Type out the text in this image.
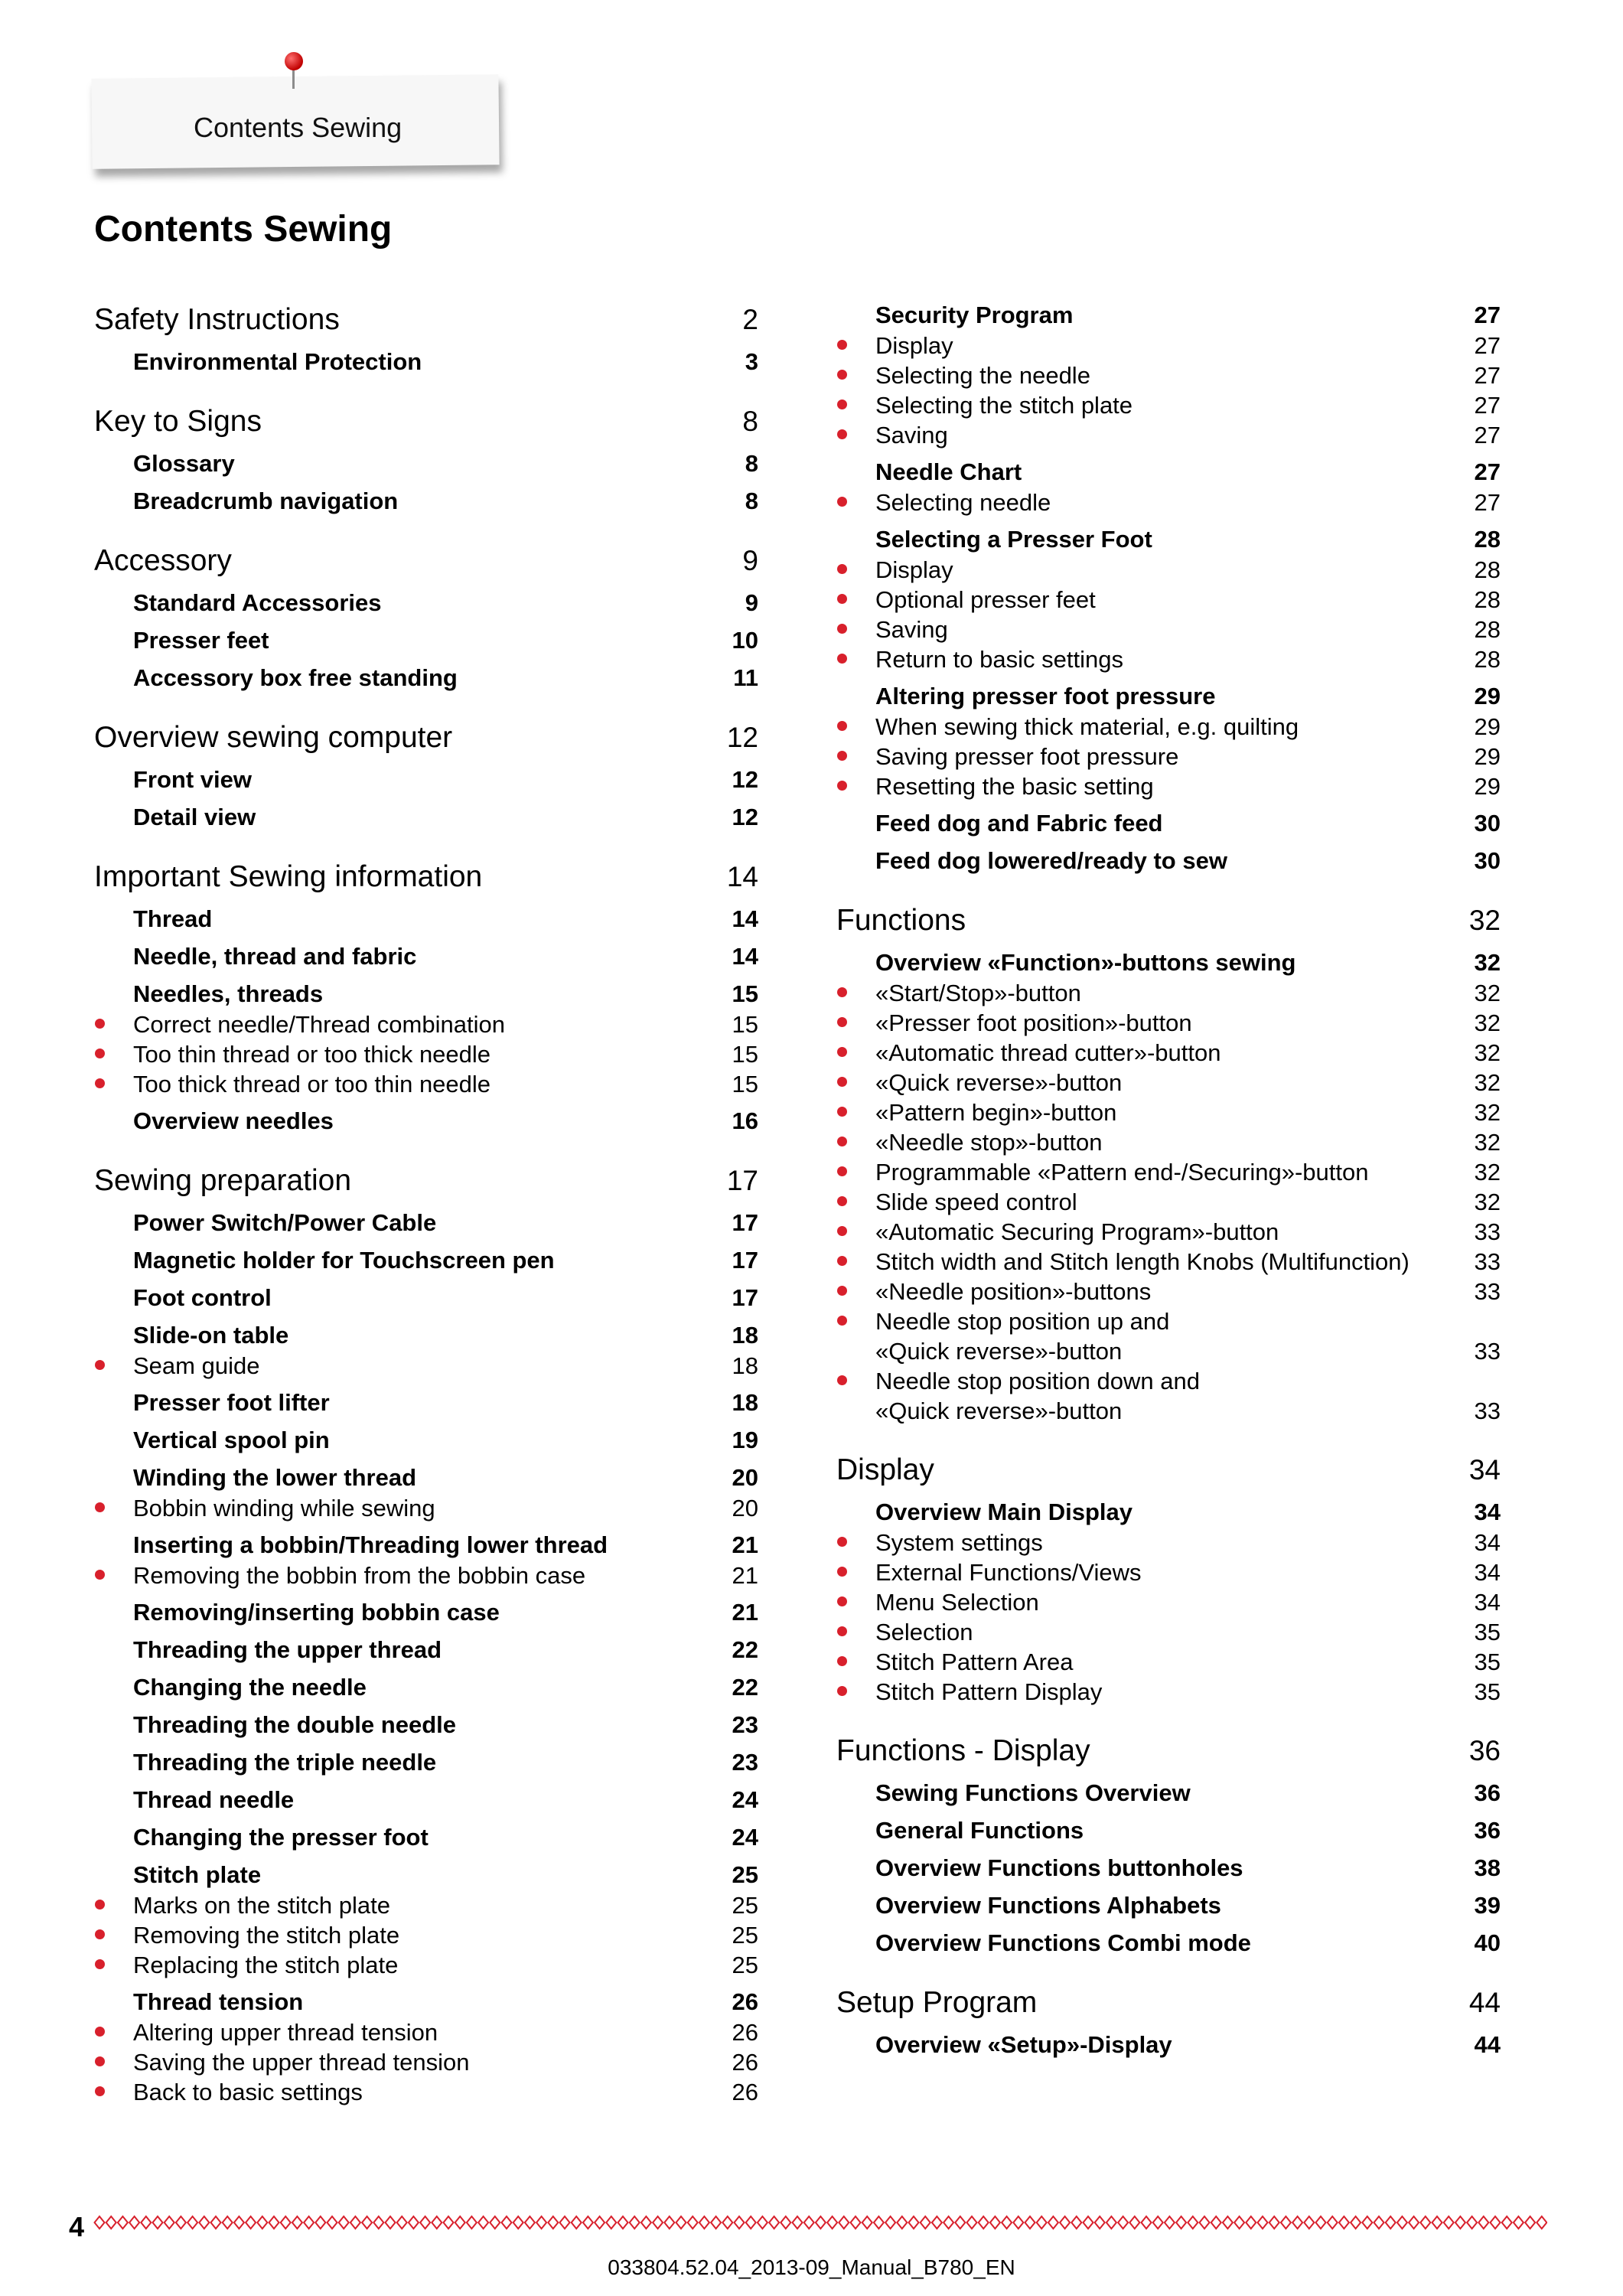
Contents Sewing
Contents Sewing
Safety Instructions	2
Environmental Protection	3
Key to Signs	8
Glossary	8
Breadcrumb navigation	8
Accessory	9
Standard Accessories	9
Presser feet	10
Accessory box free standing	11
Overview sewing computer	12
Front view	12
Detail view	12
Important Sewing information	14
Thread	14
Needle, thread and fabric	14
Needles, threads	15
Correct needle/Thread combination	15
Too thin thread or too thick needle	15
Too thick thread or too thin needle	15
Overview needles	16
Sewing preparation	17
Power Switch/Power Cable	17
Magnetic holder for Touchscreen pen	17
Foot control	17
Slide-on table	18
Seam guide	18
Presser foot lifter	18
Vertical spool pin	19
Winding the lower thread	20
Bobbin winding while sewing	20
Inserting a bobbin/Threading lower thread	21
Removing the bobbin from the bobbin case	21
Removing/inserting bobbin case	21
Threading the upper thread	22
Changing the needle	22
Threading the double needle	23
Threading the triple needle	23
Thread needle	24
Changing the presser foot	24
Stitch plate	25
Marks on the stitch plate	25
Removing the stitch plate	25
Replacing the stitch plate	25
Thread tension	26
Altering upper thread tension	26
Saving the upper thread tension	26
Back to basic settings	26
Security Program	27
Display	27
Selecting the needle	27
Selecting the stitch plate	27
Saving	27
Needle Chart	27
Selecting needle	27
Selecting a Presser Foot	28
Display	28
Optional presser feet	28
Saving	28
Return to basic settings	28
Altering presser foot pressure	29
When sewing thick material, e.g. quilting	29
Saving presser foot pressure	29
Resetting the basic setting	29
Feed dog and Fabric feed	30
Feed dog lowered/ready to sew	30
Functions	32
Overview «Function»-buttons sewing	32
«Start/Stop»-button	32
«Presser foot position»-button	32
«Automatic thread cutter»-button	32
«Quick reverse»-button	32
«Pattern begin»-button	32
«Needle stop»-button	32
Programmable «Pattern end-/Securing»-button	32
Slide speed control	32
«Automatic Securing Program»-button	33
Stitch width and Stitch length Knobs (Multifunction)	33
«Needle position»-buttons	33
Needle stop position up and
«Quick reverse»-button	33
Needle stop position down and
«Quick reverse»-button	33
Display	34
Overview Main Display	34
System settings	34
External Functions/Views	34
Menu Selection	34
Selection	35
Stitch Pattern Area	35
Stitch Pattern Display	35
Functions - Display	36
Sewing Functions Overview	36
General Functions	36
Overview Functions buttonholes	38
Overview Functions Alphabets	39
Overview Functions Combi mode	40
Setup Program	44
Overview «Setup»-Display	44
4
033804.52.04_2013-09_Manual_B780_EN
